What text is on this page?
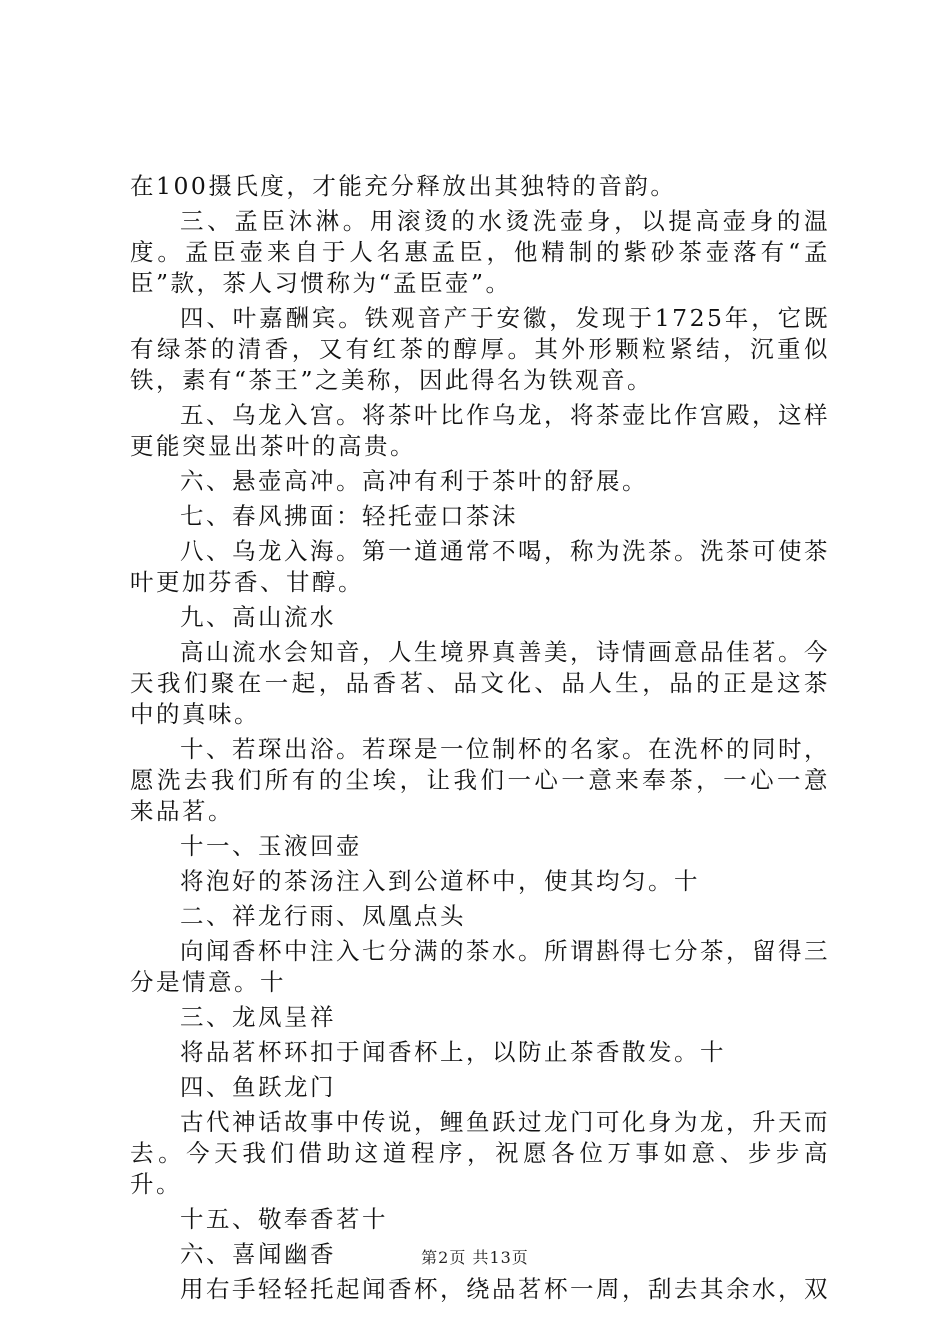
在100摄氏度，才能充分释放出其独特的音韵。

三、孟臣沐淋。用滚烫的水烫洗壶身，以提高壶身的温度。孟臣壶来自于人名惠孟臣，他精制的紫砂茶壶落有“孟臣”款，茶人习惯称为“孟臣壶”。

四、叶嘉酬宾。铁观音产于安徽，发现于1725年，它既有绿茶的清香，又有红茶的醇厚。其外形颗粒紧结，沉重似铁，素有“茶王”之美称，因此得名为铁观音。

五、乌龙入宫。将茶叶比作乌龙，将茶壶比作宫殿，这样更能突显出茶叶的高贵。

六、悬壶高冲。高冲有利于茶叶的舒展。

七、春风拂面：轻托壶口茶沫

八、乌龙入海。第一道通常不喝，称为洗茶。洗茶可使茶叶更加芬香、甘醇。

九、高山流水

高山流水会知音，人生境界真善美，诗情画意品佳茗。今天我们聚在一起，品香茗、品文化、品人生，品的正是这茶中的真味。

十、若琛出浴。若琛是一位制杯的名家。在洗杯的同时，愿洗去我们所有的尘埃，让我们一心一意来奉茶，一心一意来品茗。

十一、玉液回壶

将泡好的茶汤注入到公道杯中，使其均匀。十

二、祥龙行雨、凤凰点头

向闻香杯中注入七分满的茶水。所谓斟得七分茶，留得三分是情意。十

三、龙凤呈祥

将品茗杯环扣于闻香杯上，以防止茶香散发。十

四、鱼跃龙门

古代神话故事中传说，鲤鱼跃过龙门可化身为龙，升天而去。今天我们借助这道程序，祝愿各位万事如意、步步高升。

十五、敬奉香茗十

六、喜闻幽香

用右手轻轻托起闻香杯，绕品茗杯一周，刮去其余水，双

第2页 共13页
